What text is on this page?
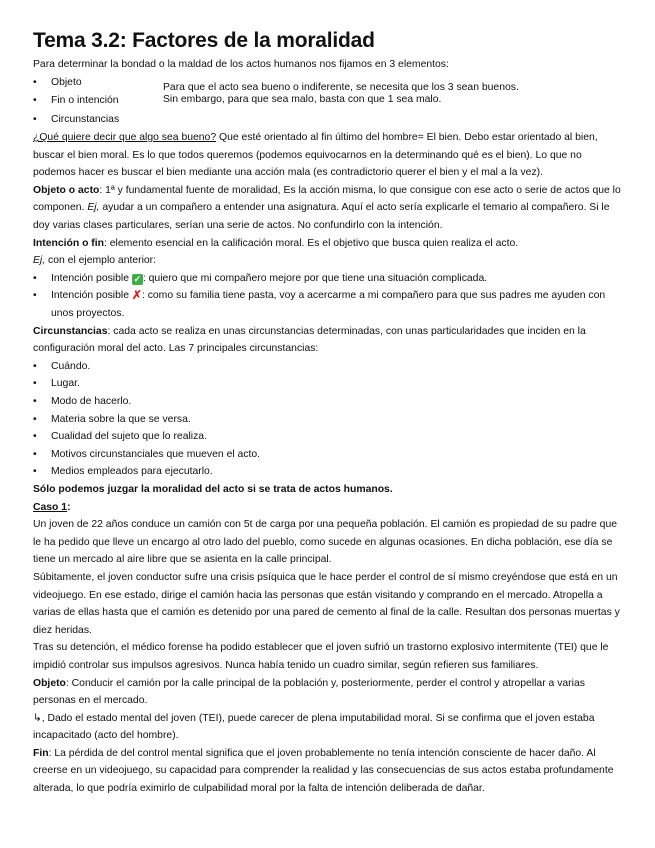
Tema 3.2: Factores de la moralidad

Para determinar la bondad o la maldad de los actos humanos nos fijamos en 3 elementos:

• Objeto
• Fin o intención
• Circunstancias
Para que el acto sea bueno o indiferente, se necesita que los 3 sean buenos.
Sin embargo, para que sea malo, basta con que 1 sea malo.

¿Qué quiere decir que algo sea bueno? Que esté orientado al fin último del hombre= El bien. Debo estar orientado al bien, buscar el bien moral. Es lo que todos queremos (podemos equivocarnos en la determinando qué es el bien). Lo que no podemos hacer es buscar el bien mediante una acción mala (es contradictorio querer el bien y el mal a la vez).

Objeto o acto: 1ª y fundamental fuente de moralidad, Es la acción misma, lo que consigue con ese acto o serie de actos que lo componen. Ej, ayudar a un compañero a entender una asignatura. Aquí el acto sería explicarle el temario al compañero. Si le doy varias clases particulares, serían una serie de actos. No confundirlo con la intención.

Intención o fin: elemento esencial en la calificación moral. Es el objetivo que busca quien realiza el acto.

Ej, con el ejemplo anterior:

• Intención posible ✓ : quiero que mi compañero mejore por que tiene una situación complicada.
• Intención posible ✗: como su familia tiene pasta, voy a acercarme a mi compañero para que sus padres me ayuden con unos proyectos.

Circunstancias: cada acto se realiza en unas circunstancias determinadas, con unas particularidades que inciden en la configuración moral del acto. Las 7 principales circunstancias:

• Cuándo.
• Lugar.
• Modo de hacerlo.
• Materia sobre la que se versa.
• Cualidad del sujeto que lo realiza.
• Motivos circunstanciales que mueven el acto.
• Medios empleados para ejecutarlo.

Sólo podemos juzgar la moralidad del acto si se trata de actos humanos.

Caso 1:

Un joven de 22 años conduce un camión con 5t de carga por una pequeña población. El camión es propiedad de su padre que le ha pedido que lleve un encargo al otro lado del pueblo, como sucede en algunas ocasiones. En dicha población, ese día se tiene un mercado al aire libre que se asienta en la calle principal.

Súbitamente, el joven conductor sufre una crisis psíquica que le hace perder el control de sí mismo creyéndose que está en un videojuego. En ese estado, dirige el camión hacia las personas que están visitando y comprando en el mercado. Atropella a varias de ellas hasta que el camión es detenido por una pared de cemento al final de la calle. Resultan dos personas muertas y diez heridas.

Tras su detención, el médico forense ha podido establecer que el joven sufrió un trastorno explosivo intermitente (TEI) que le impidió controlar sus impulsos agresivos. Nunca había tenido un cuadro similar, según refieren sus familiares.

Objeto: Conducir el camión por la calle principal de la población y, posteriormente, perder el control y atropellar a varias personas en el mercado.

↳, Dado el estado mental del joven (TEI), puede carecer de plena imputabilidad moral. Si se confirma que el joven estaba incapacitado (acto del hombre).

Fin: La pérdida de del control mental significa que el joven probablemente no tenía intención consciente de hacer daño. Al creerse en un videojuego, su capacidad para comprender la realidad y las consecuencias de sus actos estaba profundamente alterada, lo que podría eximirlo de culpabilidad moral por la falta de intención deliberada de dañar.
